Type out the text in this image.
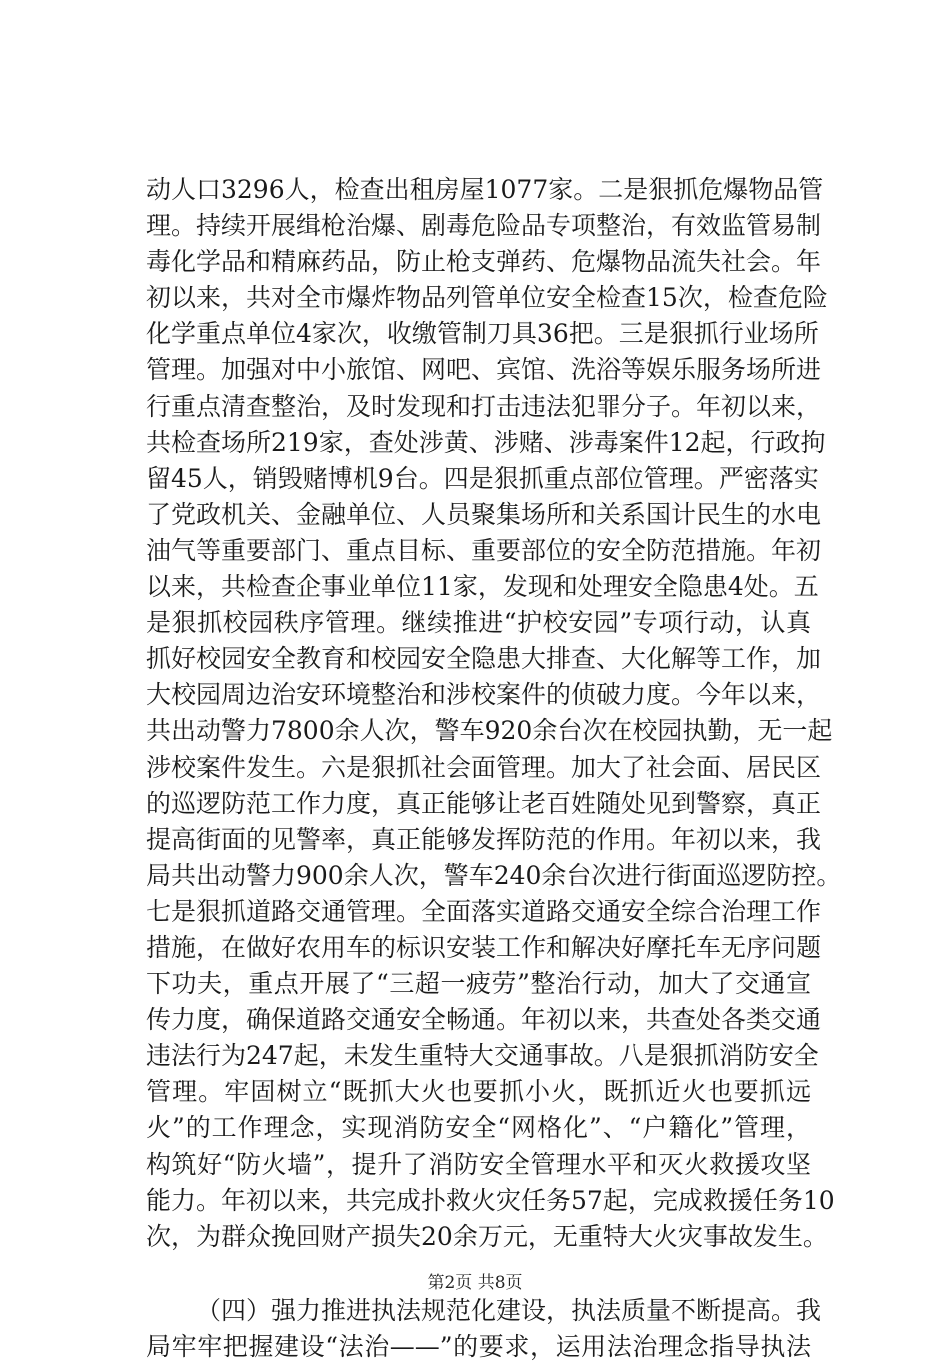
动人口3296人，检查出租房屋1077家。二是狠抓危爆物品管
理。持续开展缉枪治爆、剧毒危险品专项整治，有效监管易制
毒化学品和精麻药品，防止枪支弹药、危爆物品流失社会。年
初以来，共对全市爆炸物品列管单位安全检查15次，检查危险
化学重点单位4家次，收缴管制刀具36把。三是狠抓行业场所
管理。加强对中小旅馆、网吧、宾馆、洗浴等娱乐服务场所进
行重点清查整治，及时发现和打击违法犯罪分子。年初以来，
共检查场所219家，查处涉黄、涉赌、涉毒案件12起，行政拘
留45人，销毁赌博机9台。四是狠抓重点部位管理。严密落实
了党政机关、金融单位、人员聚集场所和关系国计民生的水电
油气等重要部门、重点目标、重要部位的安全防范措施。年初
以来，共检查企事业单位11家，发现和处理安全隐患4处。五
是狠抓校园秩序管理。继续推进“护校安园”专项行动，认真
抓好校园安全教育和校园安全隐患大排查、大化解等工作，加
大校园周边治安环境整治和涉校案件的侦破力度。今年以来，
共出动警力7800余人次，警车920余台次在校园执勤，无一起
涉校案件发生。六是狠抓社会面管理。加大了社会面、居民区
的巡逻防范工作力度，真正能够让老百姓随处见到警察，真正
提高街面的见警率，真正能够发挥防范的作用。年初以来，我
局共出动警力900余人次，警车240余台次进行街面巡逻防控。
七是狠抓道路交通管理。全面落实道路交通安全综合治理工作
措施，在做好农用车的标识安装工作和解决好摩托车无序问题
下功夫，重点开展了“三超一疲劳”整治行动，加大了交通宣
传力度，确保道路交通安全畅通。年初以来，共查处各类交通
违法行为247起，未发生重特大交通事故。八是狠抓消防安全
管理。牢固树立“既抓大火也要抓小火，既抓近火也要抓远
火”的工作理念，实现消防安全“网格化”、“户籍化”管理，
构筑好“防火墙”，提升了消防安全管理水平和灭火救援攻坚
能力。年初以来，共完成扑救火灾任务57起，完成救援任务10
次，为群众挽回财产损失20余万元，无重特大火灾事故发生。
（四）强力推进执法规范化建设，执法质量不断提高。我
局牢牢把握建设“法治——”的要求，运用法治理念指导执法
第2页 共8页
